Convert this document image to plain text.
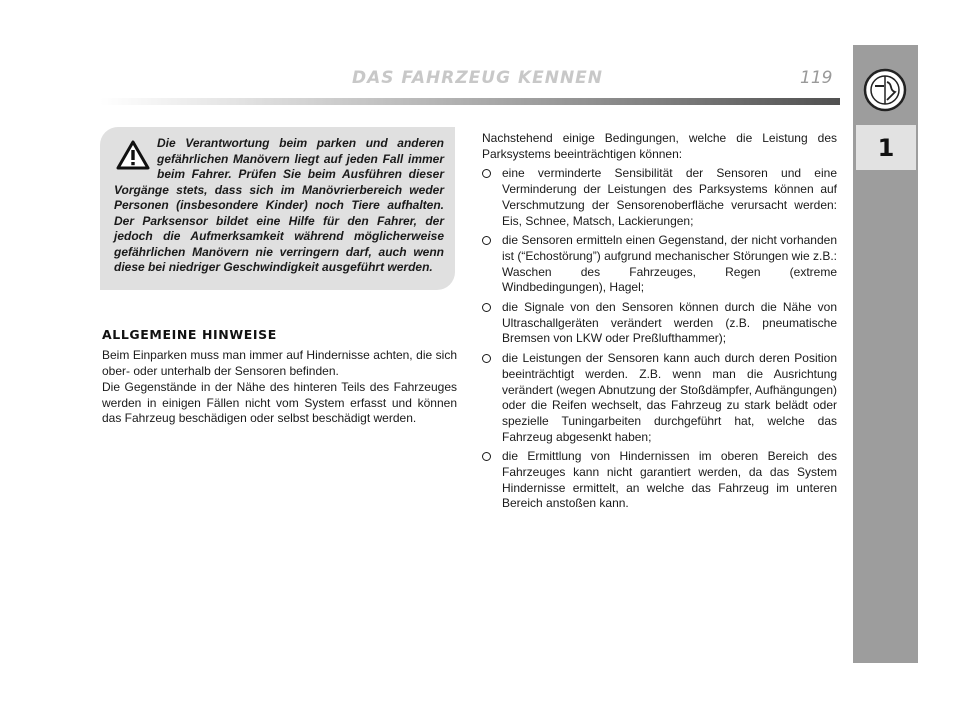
DAS FAHRZEUG KENNEN	119
1
Die Verantwortung beim parken und anderen gefährlichen Manövern liegt auf jeden Fall immer beim Fahrer. Prüfen Sie beim Ausführen dieser Vorgänge stets, dass sich im Manövrierbereich weder Personen (insbesondere Kinder) noch Tiere aufhalten. Der Parksensor bildet eine Hilfe für den Fahrer, der jedoch die Aufmerksamkeit während möglicherweise gefährlichen Manövern nie verringern darf, auch wenn diese bei niedriger Geschwindigkeit ausgeführt werden.
ALLGEMEINE HINWEISE

Beim Einparken muss man immer auf Hindernisse achten, die sich ober- oder unterhalb der Sensoren befinden.

Die Gegenstände in der Nähe des hinteren Teils des Fahrzeuges werden in einigen Fällen nicht vom System erfasst und können das Fahrzeug beschädigen oder selbst beschädigt werden.

Nachstehend einige Bedingungen, welche die Leistung des Parksystems beeinträchtigen können:

eine verminderte Sensibilität der Sensoren und eine Verminderung der Leistungen des Parksystems können auf Verschmutzung der Sensorenoberfläche verursacht werden: Eis, Schnee, Matsch, Lackierungen;
die Sensoren ermitteln einen Gegenstand, der nicht vorhanden ist (“Echostörung”) aufgrund mechanischer Störungen wie z.B.: Waschen des Fahrzeuges, Regen (extreme Windbedingungen), Hagel;
die Signale von den Sensoren können durch die Nähe von Ultraschallgeräten verändert werden (z.B. pneumatische Bremsen von LKW oder Preßlufthammer);
die Leistungen der Sensoren kann auch durch deren Position beeinträchtigt werden. Z.B. wenn man die Ausrichtung verändert (wegen Abnutzung der Stoßdämpfer, Aufhängungen) oder die Reifen wechselt, das Fahrzeug zu stark belädt oder spezielle Tuningarbeiten durchgeführt hat, welche das Fahrzeug abgesenkt haben;
die Ermittlung von Hindernissen im oberen Bereich des Fahrzeuges kann nicht garantiert werden, da das System Hindernisse ermittelt, an welche das Fahrzeug im unteren Bereich anstoßen kann.
